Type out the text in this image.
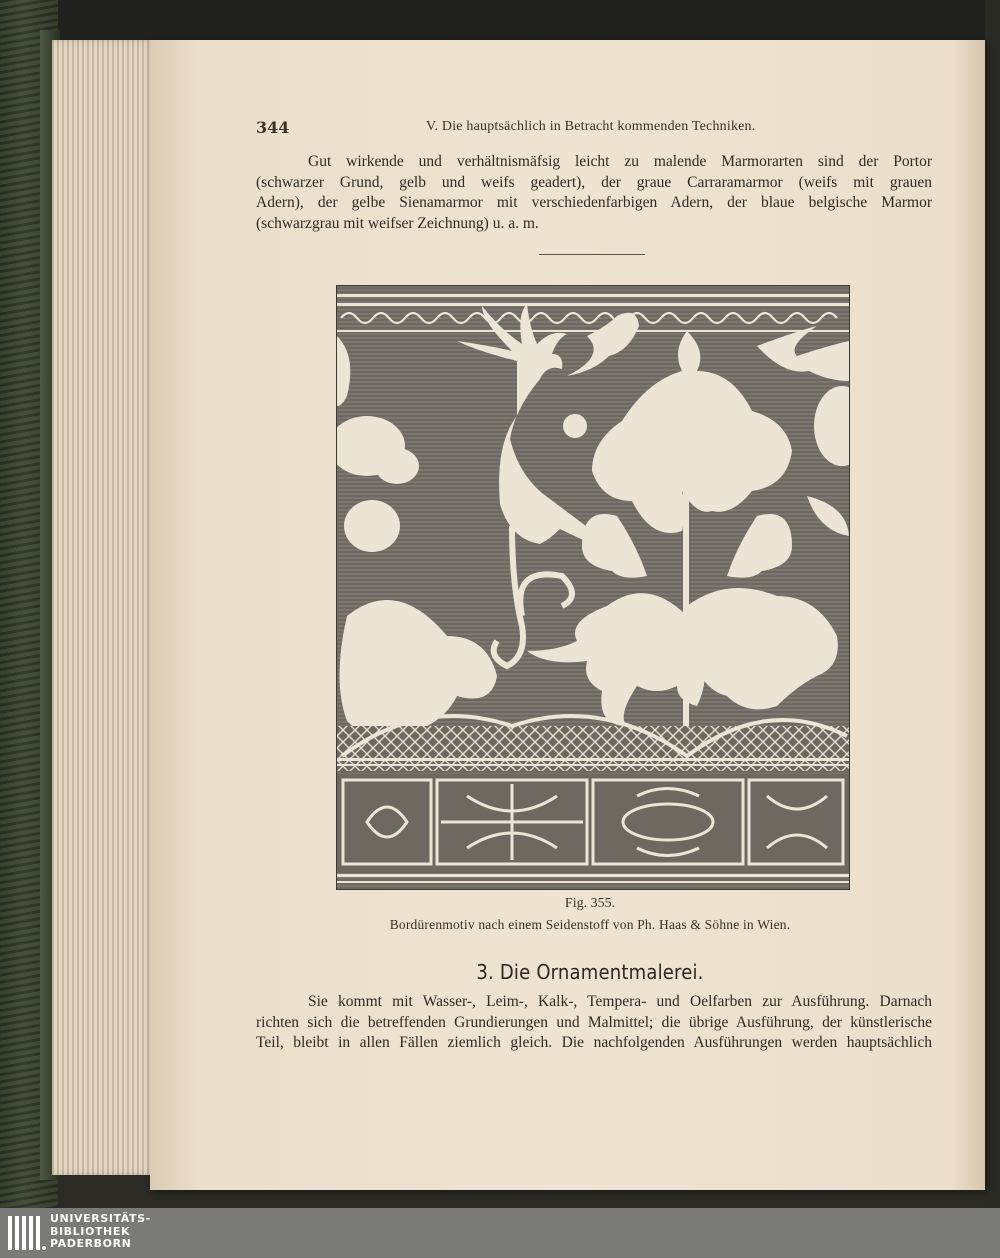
344	V. Die hauptsächlich in Betracht kommenden Techniken.
Gut wirkende und verhältnismäfsig leicht zu malende Marmorarten sind der Portor
(schwarzer Grund, gelb und weifs geadert), der graue Carraramarmor (weifs mit grauen
Adern), der gelbe Sienamarmor mit verschiedenfarbigen Adern, der blaue belgische Marmor
(schwarzgrau mit weifser Zeichnung) u. a. m.
Fig. 355.
Bordürenmotiv nach einem Seidenstoff von Ph. Haas & Söhne in Wien.
3. Die Ornamentmalerei.
Sie kommt mit Wasser-, Leim-, Kalk-, Tempera- und Oelfarben zur Ausführung. Darnach
richten sich die betreffenden Grundierungen und Malmittel; die übrige Ausführung, der künstlerische
Teil, bleibt in allen Fällen ziemlich gleich. Die nachfolgenden Ausführungen werden hauptsächlich
UNIVERSITÄTS-
BIBLIOTHEK
PADERBORN
